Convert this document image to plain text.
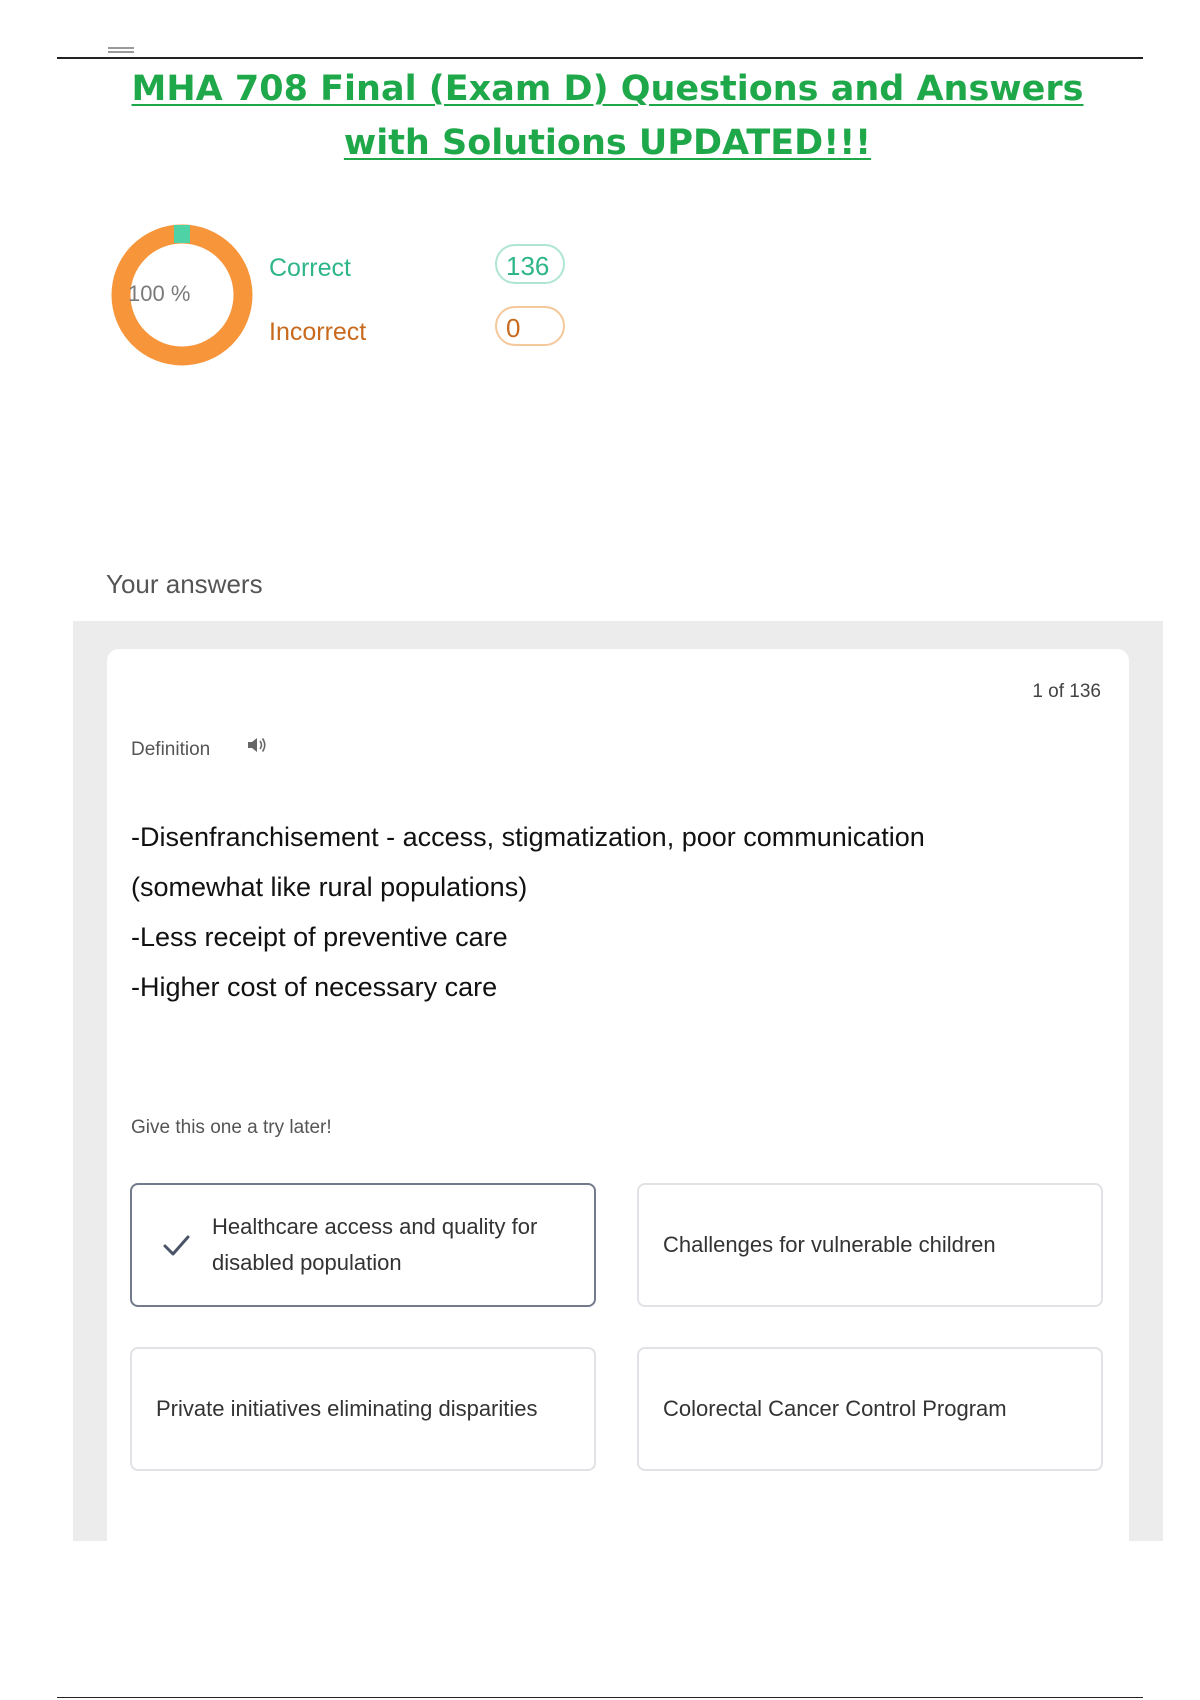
MHA 708 Final (Exam D) Questions and Answers
with Solutions UPDATED!!!
100 %
Correct	136
Incorrect	0
Your answers
1 of 136
Definition
-Disenfranchisement - access, stigmatization, poor communication
(somewhat like rural populations)
-Less receipt of preventive care
-Higher cost of necessary care
Give this one a try later!
Healthcare access and quality for disabled population
Challenges for vulnerable children
Private initiatives eliminating disparities	Colorectal Cancer Control Program
